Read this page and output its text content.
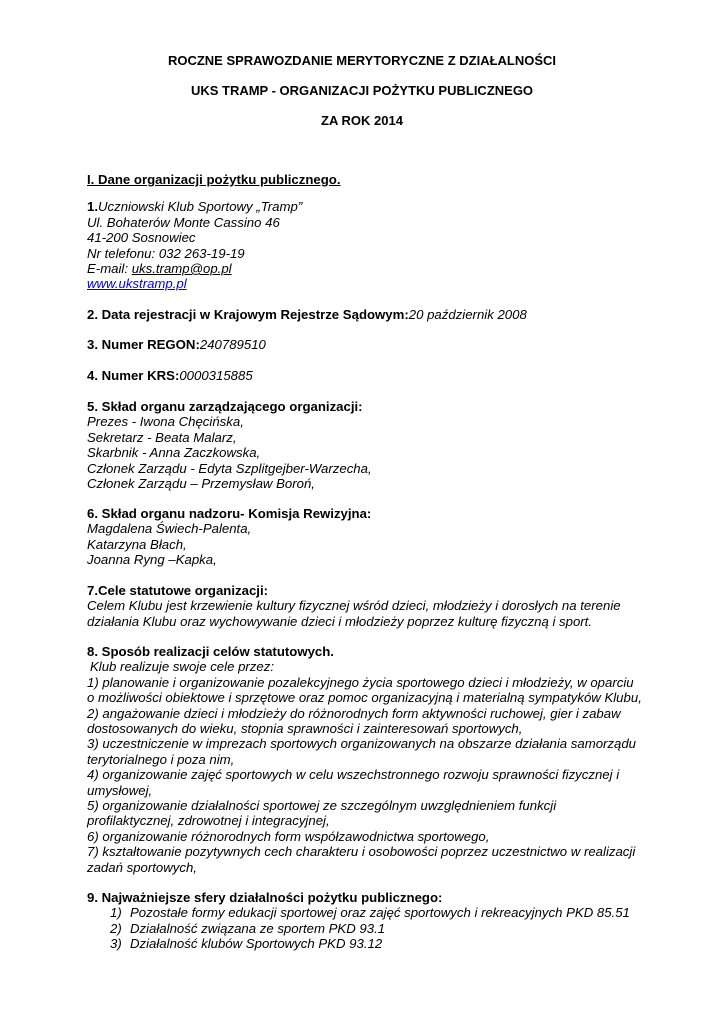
ROCZNE SPRAWOZDANIE MERYTORYCZNE Z DZIAŁALNOŚCI
UKS TRAMP - ORGANIZACJI POŻYTKU PUBLICZNEGO
ZA ROK 2014
I. Dane organizacji pożytku publicznego.
1.Uczniowski Klub Sportowy „Tramp”
Ul. Bohaterów Monte Cassino 46
41-200 Sosnowiec
Nr telefonu: 032 263-19-19
E-mail: uks.tramp@op.pl
www.ukstramp.pl
2. Data rejestracji w Krajowym Rejestrze Sądowym:20 październik 2008
3. Numer REGON:240789510
4. Numer KRS:0000315885
5. Skład organu zarządzającego organizacji:
Prezes - Iwona Chęcińska,
Sekretarz - Beata Malarz,
Skarbnik - Anna Zaczkowska,
Członek Zarządu - Edyta Szplitgejber-Warzecha,
Członek Zarządu – Przemysław Boroń,
6. Skład organu nadzoru- Komisja Rewizyjna:
Magdalena Świech-Palenta,
Katarzyna Błach,
Joanna Ryng –Kapka,
7.Cele statutowe organizacji:
Celem Klubu jest krzewienie kultury fizycznej wśród dzieci, młodzieży i dorosłych na terenie
działania Klubu oraz wychowywanie dzieci i młodzieży poprzez kulturę fizyczną i sport.
8. Sposób realizacji celów statutowych.
Klub realizuje swoje cele przez:
1) planowanie i organizowanie pozalekcyjnego życia sportowego dzieci i młodzieży, w oparciu
o możliwości obiektowe i sprzętowe oraz pomoc organizacyjną i materialną sympatyków Klubu,
2) angażowanie dzieci i młodzieży do różnorodnych form aktywności ruchowej, gier i zabaw
dostosowanych do wieku, stopnia sprawności i zainteresowań sportowych,
3) uczestniczenie w imprezach sportowych organizowanych na obszarze działania samorządu
terytorialnego i poza nim,
4) organizowanie zajęć sportowych w celu wszechstronnego rozwoju sprawności fizycznej i
umysłowej,
5) organizowanie działalności sportowej ze szczególnym uwzględnieniem funkcji
profilaktycznej, zdrowotnej i integracyjnej,
6) organizowanie różnorodnych form współzawodnictwa sportowego,
7) kształtowanie pozytywnych cech charakteru i osobowości poprzez uczestnictwo w realizacji
zadań sportowych,
9. Najważniejsze sfery działalności pożytku publicznego:
1) Pozostałe formy edukacji sportowej oraz zajęć sportowych i rekreacyjnych PKD 85.51
2) Działalność związana ze sportem PKD 93.1
3) Działalność klubów Sportowych PKD 93.12
